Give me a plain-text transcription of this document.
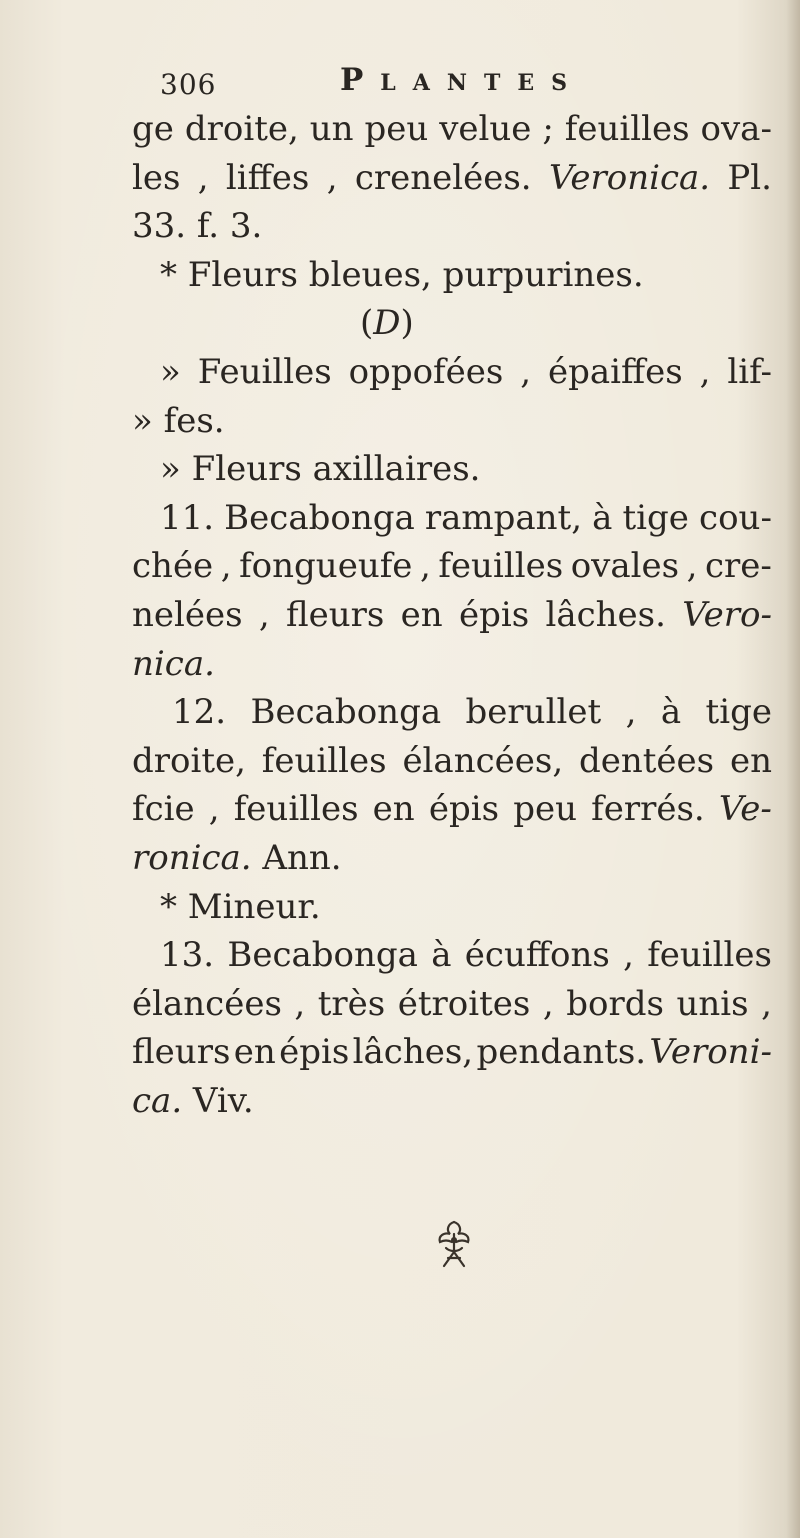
306	Plantes
ge droite, un peu velue ; feuilles ova-
les , liffes , crenelées. Veronica. Pl.
33. f. 3.
* Fleurs bleues, purpurines.
(D)
» Feuilles oppofées , épaiffes , lif-
» fes.
» Fleurs axillaires.
11. Becabonga rampant, à tige cou-
chée , fongueufe , feuilles ovales , cre-
nelées , fleurs en épis lâches. Vero-
nica.
12. Becabonga berullet , à tige
droite, feuilles élancées, dentées en
fcie , feuilles en épis peu ferrés. Ve-
ronica. Ann.
* Mineur.
13. Becabonga à écuffons , feuilles
élancées , très étroites , bords unis ,
fleurs en épis lâches, pendants. Veroni-
ca. Viv.
